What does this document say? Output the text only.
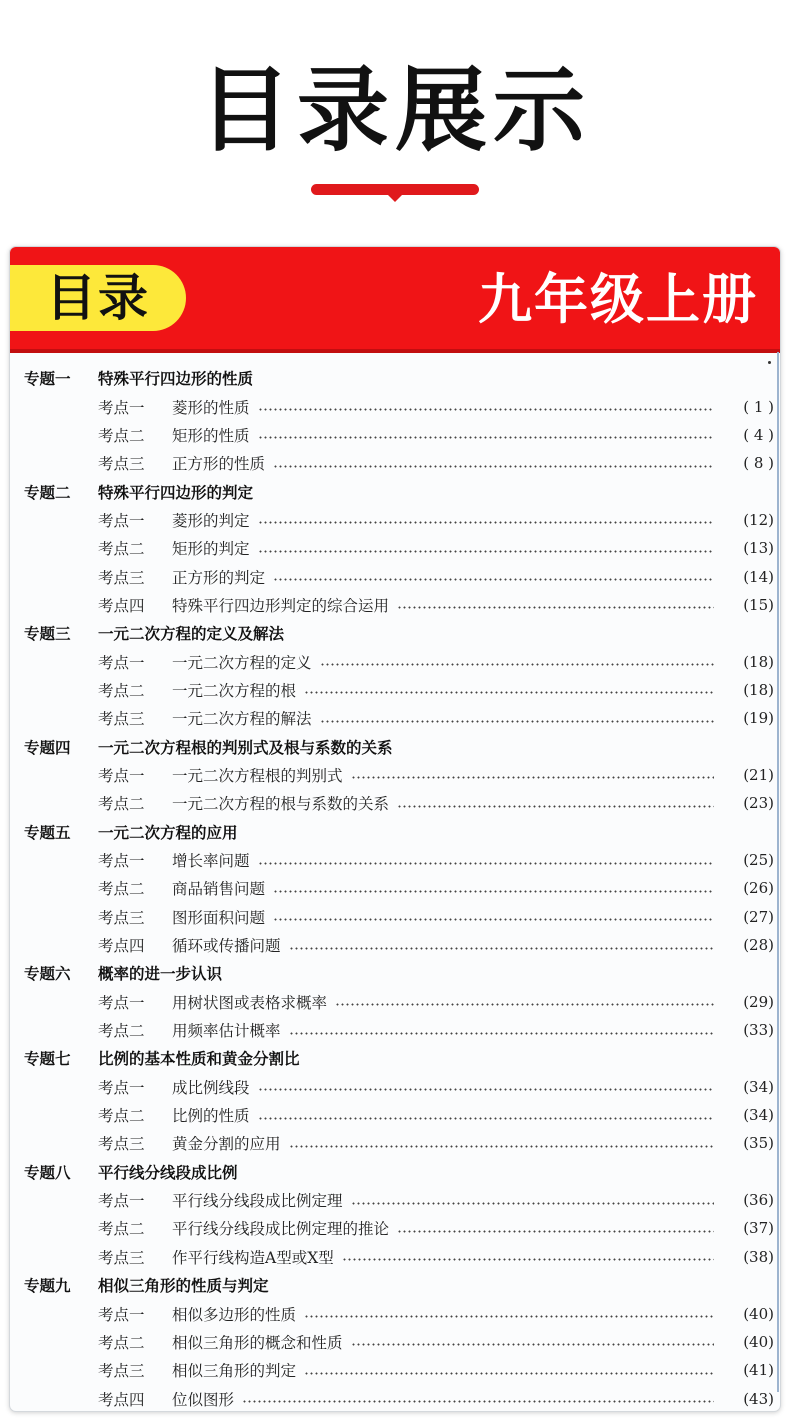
目录展示
目录	九年级上册
专题一	特殊平行四边形的性质
考点一	菱形的性质	( 1 )
考点二	矩形的性质	( 4 )
考点三	正方形的性质	( 8 )
专题二	特殊平行四边形的判定
考点一	菱形的判定	(12)
考点二	矩形的判定	(13)
考点三	正方形的判定	(14)
考点四	特殊平行四边形判定的综合运用	(15)
专题三	一元二次方程的定义及解法
考点一	一元二次方程的定义	(18)
考点二	一元二次方程的根	(18)
考点三	一元二次方程的解法	(19)
专题四	一元二次方程根的判别式及根与系数的关系
考点一	一元二次方程根的判别式	(21)
考点二	一元二次方程的根与系数的关系	(23)
专题五	一元二次方程的应用
考点一	增长率问题	(25)
考点二	商品销售问题	(26)
考点三	图形面积问题	(27)
考点四	循环或传播问题	(28)
专题六	概率的进一步认识
考点一	用树状图或表格求概率	(29)
考点二	用频率估计概率	(33)
专题七	比例的基本性质和黄金分割比
考点一	成比例线段	(34)
考点二	比例的性质	(34)
考点三	黄金分割的应用	(35)
专题八	平行线分线段成比例
考点一	平行线分线段成比例定理	(36)
考点二	平行线分线段成比例定理的推论	(37)
考点三	作平行线构造A型或X型	(38)
专题九	相似三角形的性质与判定
考点一	相似多边形的性质	(40)
考点二	相似三角形的概念和性质	(40)
考点三	相似三角形的判定	(41)
考点四	位似图形	(43)
